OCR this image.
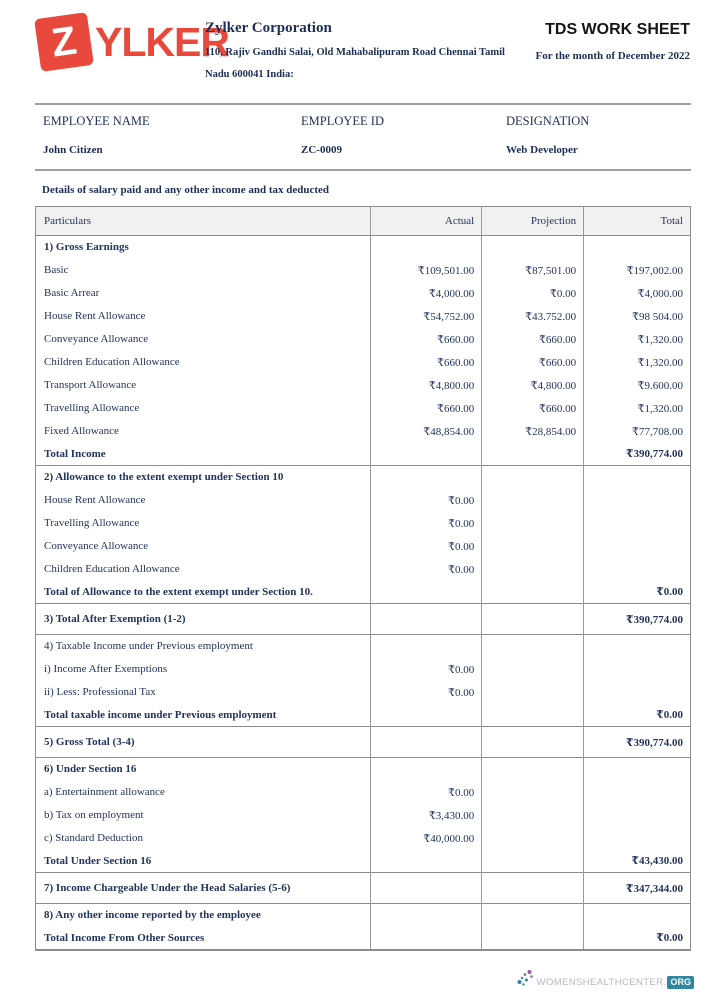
Z YLKER
Zylker Corporation
110, Rajiv Gandhi Salai, Old Mahabalipuram Road Chennai Tamil Nadu 600041 India:
TDS WORK SHEET
For the month of December 2022
EMPLOYEE NAME
John Citizen
EMPLOYEE ID
ZC-0009
DESIGNATION
Web Developer
Details of salary paid and any other income and tax deducted
Particulars	Actual	Projection	Total
1) Gross Earnings			
Basic	₹109,501.00	₹87,501.00	₹197,002.00
Basic Arrear	₹4,000.00	₹0.00	₹4,000.00
House Rent Allowance	₹54,752.00	₹43.752.00	₹98 504.00
Conveyance Allowance	₹660.00	₹660.00	₹1,320.00
Children Education Allowance	₹660.00	₹660.00	₹1,320.00
Transport Allowance	₹4,800.00	₹4,800.00	₹9.600.00
Travelling Allowance	₹660.00	₹660.00	₹1,320.00
Fixed Allowance	₹48,854.00	₹28,854.00	₹77,708.00
Total Income			₹390,774.00
2) Allowance to the extent exempt under Section 10			
House Rent Allowance	₹0.00		
Travelling Allowance	₹0.00		
Conveyance Allowance	₹0.00		
Children Education Allowance	₹0.00		
Total of Allowance to the extent exempt under Section 10.			₹0.00
3) Total After Exemption (1-2)			₹390,774.00
4) Taxable Income under Previous employment			
i) Income After Exemptions	₹0.00		
ii) Less: Professional Tax	₹0.00		
Total taxable income under Previous employment			₹0.00
5) Gross Total (3-4)			₹390,774.00
6) Under Section 16			
a) Entertainment allowance	₹0.00		
b) Tax on employment	₹3,430.00		
c) Standard Deduction	₹40,000.00		
Total Under Section 16			₹43,430.00
7) Income Chargeable Under the Head Salaries (5-6)			₹347,344.00
8) Any other income reported by the employee			
Total Income From Other Sources			₹0.00
WOMENSHEALTHCENTER. ORG
